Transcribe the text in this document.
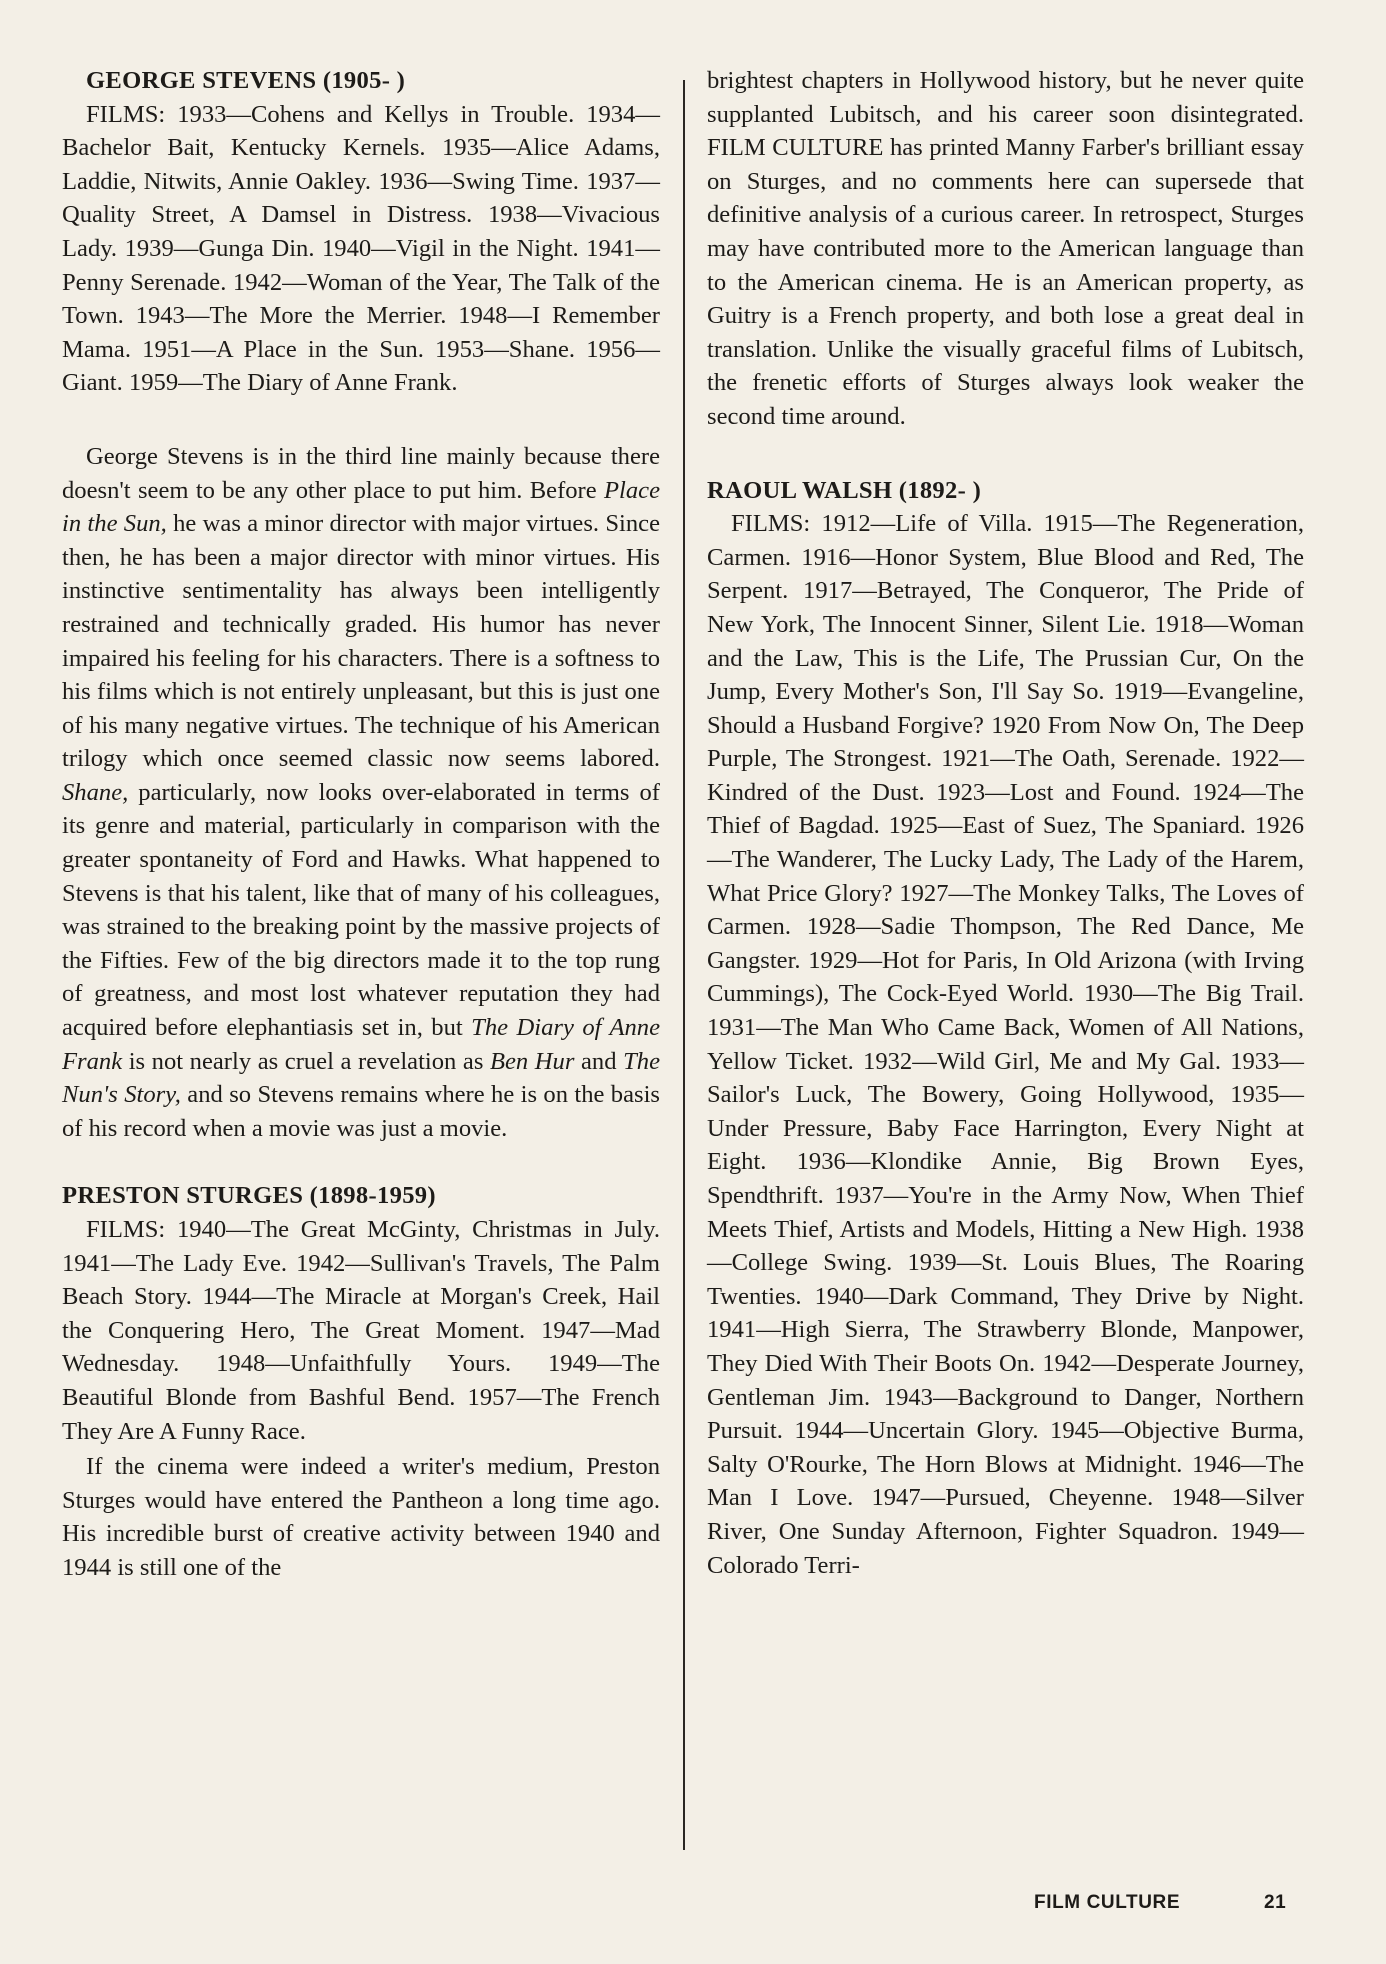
GEORGE STEVENS (1905- )

FILMS: 1933—Cohens and Kellys in Trouble. 1934—Bachelor Bait, Kentucky Kernels. 1935—Alice Adams, Laddie, Nitwits, Annie Oakley. 1936—Swing Time. 1937—Quality Street, A Damsel in Distress. 1938—Vivacious Lady. 1939—Gunga Din. 1940—Vigil in the Night. 1941—Penny Serenade. 1942—Woman of the Year, The Talk of the Town. 1943—The More the Merrier. 1948—I Remember Mama. 1951—A Place in the Sun. 1953—Shane. 1956—Giant. 1959—The Diary of Anne Frank.

George Stevens is in the third line mainly because there doesn't seem to be any other place to put him. Before Place in the Sun, he was a minor director with major virtues. Since then, he has been a major director with minor virtues. His instinctive sentimentality has always been intelligently restrained and technically graded. His humor has never impaired his feeling for his characters. There is a softness to his films which is not entirely unpleasant, but this is just one of his many negative virtues. The technique of his American trilogy which once seemed classic now seems labored. Shane, particularly, now looks over-elaborated in terms of its genre and material, particularly in comparison with the greater spontaneity of Ford and Hawks. What happened to Stevens is that his talent, like that of many of his colleagues, was strained to the breaking point by the massive projects of the Fifties. Few of the big directors made it to the top rung of greatness, and most lost whatever reputation they had acquired before elephantiasis set in, but The Diary of Anne Frank is not nearly as cruel a revelation as Ben Hur and The Nun's Story, and so Stevens remains where he is on the basis of his record when a movie was just a movie.

PRESTON STURGES (1898-1959)

FILMS: 1940—The Great McGinty, Christmas in July. 1941—The Lady Eve. 1942—Sullivan's Travels, The Palm Beach Story. 1944—The Miracle at Morgan's Creek, Hail the Conquering Hero, The Great Moment. 1947—Mad Wednesday. 1948—Unfaithfully Yours. 1949—The Beautiful Blonde from Bashful Bend. 1957—The French They Are A Funny Race.

If the cinema were indeed a writer's medium, Preston Sturges would have entered the Pantheon a long time ago. His incredible burst of creative activity between 1940 and 1944 is still one of the

brightest chapters in Hollywood history, but he never quite supplanted Lubitsch, and his career soon disintegrated. FILM CULTURE has printed Manny Farber's brilliant essay on Sturges, and no comments here can supersede that definitive analysis of a curious career. In retrospect, Sturges may have contributed more to the American language than to the American cinema. He is an American property, as Guitry is a French property, and both lose a great deal in translation. Unlike the visually graceful films of Lubitsch, the frenetic efforts of Sturges always look weaker the second time around.

RAOUL WALSH (1892- )

FILMS: 1912—Life of Villa. 1915—The Regeneration, Carmen. 1916—Honor System, Blue Blood and Red, The Serpent. 1917—Betrayed, The Conqueror, The Pride of New York, The Innocent Sinner, Silent Lie. 1918—Woman and the Law, This is the Life, The Prussian Cur, On the Jump, Every Mother's Son, I'll Say So. 1919—Evangeline, Should a Husband Forgive? 1920 From Now On, The Deep Purple, The Strongest. 1921—The Oath, Serenade. 1922—Kindred of the Dust. 1923—Lost and Found. 1924—The Thief of Bagdad. 1925—East of Suez, The Spaniard. 1926—The Wanderer, The Lucky Lady, The Lady of the Harem, What Price Glory? 1927—The Monkey Talks, The Loves of Carmen. 1928—Sadie Thompson, The Red Dance, Me Gangster. 1929—Hot for Paris, In Old Arizona (with Irving Cummings), The Cock-Eyed World. 1930—The Big Trail. 1931—The Man Who Came Back, Women of All Nations, Yellow Ticket. 1932—Wild Girl, Me and My Gal. 1933—Sailor's Luck, The Bowery, Going Hollywood, 1935—Under Pressure, Baby Face Harrington, Every Night at Eight. 1936—Klondike Annie, Big Brown Eyes, Spendthrift. 1937—You're in the Army Now, When Thief Meets Thief, Artists and Models, Hitting a New High. 1938—College Swing. 1939—St. Louis Blues, The Roaring Twenties. 1940—Dark Command, They Drive by Night. 1941—High Sierra, The Strawberry Blonde, Manpower, They Died With Their Boots On. 1942—Desperate Journey, Gentleman Jim. 1943—Background to Danger, Northern Pursuit. 1944—Uncertain Glory. 1945—Objective Burma, Salty O'Rourke, The Horn Blows at Midnight. 1946—The Man I Love. 1947—Pursued, Cheyenne. 1948—Silver River, One Sunday Afternoon, Fighter Squadron. 1949—Colorado Terri-

FILM CULTURE	21
